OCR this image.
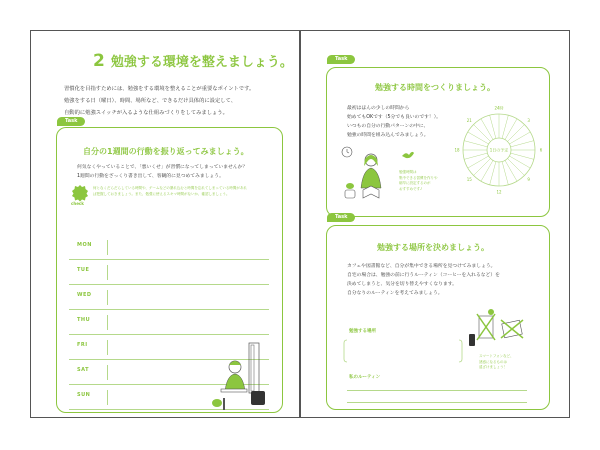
2 勉強する環境を整えましょう。
習慣化を目指すためには、勉強をする環境を整えることが重要なポイントです。
勉強をする日（曜日）、時間、場所など、できるだけ具体的に設定して、
自動的に勉強スイッチが入るような仕組みづくりをしてみましょう。
Task
自分の1週間の行動を振り返ってみましょう。
何気なくやっていることで、「悪いくせ」が習慣になってしまっていませんか？
1週間の行動をざっくり書き出して、客観的に見つめてみましょう。
check
何となくだらだらしている時間や、ゲームなどの暴れ込むと時間を忘れてしまっている時間があれ
ば把握しておきましょう。また、勉強に使えるスキマ時間がないか、確認しましょう。
MON
TUE
WED
THU
FRI
SAT
SUN
Task
勉強する時間をつくりましょう。
最初はほんの少しの時間から
始めてもOKです（5分でも良いのです！）。
いつもの自分の行動パターンの中に、
勉強の時間を組み込んでみましょう。
勉強時間は
集中できる習慣を作りや
朝早に設定するのが
おすすめです♪
1日の予定
24時
3
6
9
12
15
18
21
Task
勉強する場所を決めましょう。
カフェや図書館など、自分が集中できる場所を見つけてみましょう。
自宅の場合は、勉強の前に行うルーティン（コーヒーを入れるなど）を
決めてしまうと、気分を切り替えやすくなります。
自分なりのルーティンを考えてみましょう。
勉強する場所
私のルーティン
スマートフォンなど、
誘惑になるものは
遠ざけましょう！
